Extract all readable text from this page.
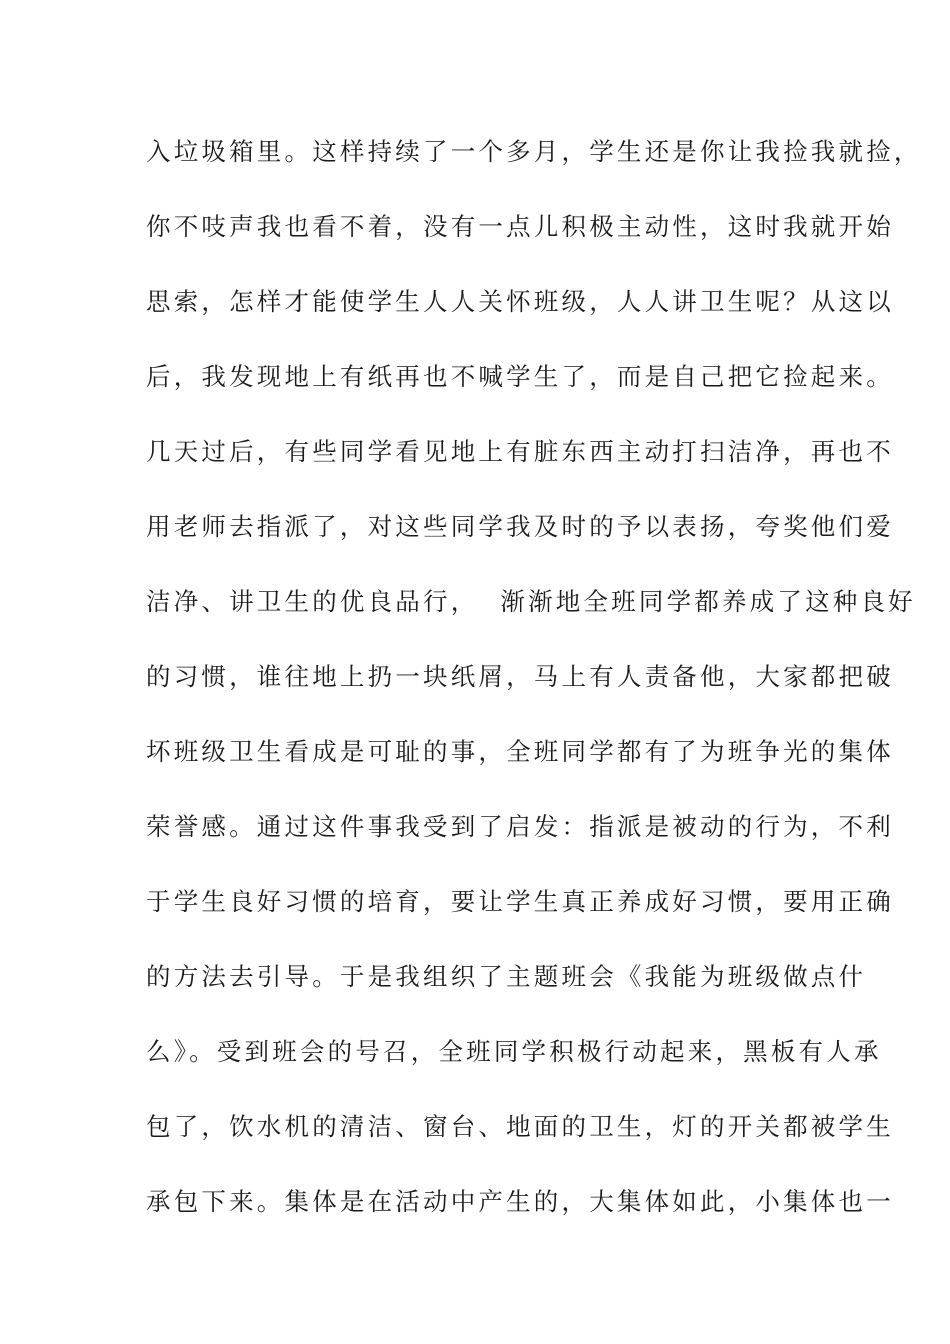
入垃圾箱里。这样持续了一个多月，学生还是你让我捡我就捡，
你不吱声我也看不着，没有一点儿积极主动性，这时我就开始
思索，怎样才能使学生人人关怀班级，人人讲卫生呢？从这以
后，我发现地上有纸再也不喊学生了，而是自己把它捡起来。
几天过后，有些同学看见地上有脏东西主动打扫洁净，再也不
用老师去指派了，对这些同学我及时的予以表扬，夸奖他们爱
洁净、讲卫生的优良品行，  渐渐地全班同学都养成了这种良好
的习惯，谁往地上扔一块纸屑，马上有人责备他，大家都把破
坏班级卫生看成是可耻的事，全班同学都有了为班争光的集体
荣誉感。通过这件事我受到了启发：指派是被动的行为，不利
于学生良好习惯的培育，要让学生真正养成好习惯，要用正确
的方法去引导。于是我组织了主题班会《我能为班级做点什
么》。受到班会的号召，全班同学积极行动起来，黑板有人承
包了，饮水机的清洁、窗台、地面的卫生，灯的开关都被学生
承包下来。集体是在活动中产生的，大集体如此，小集体也一
